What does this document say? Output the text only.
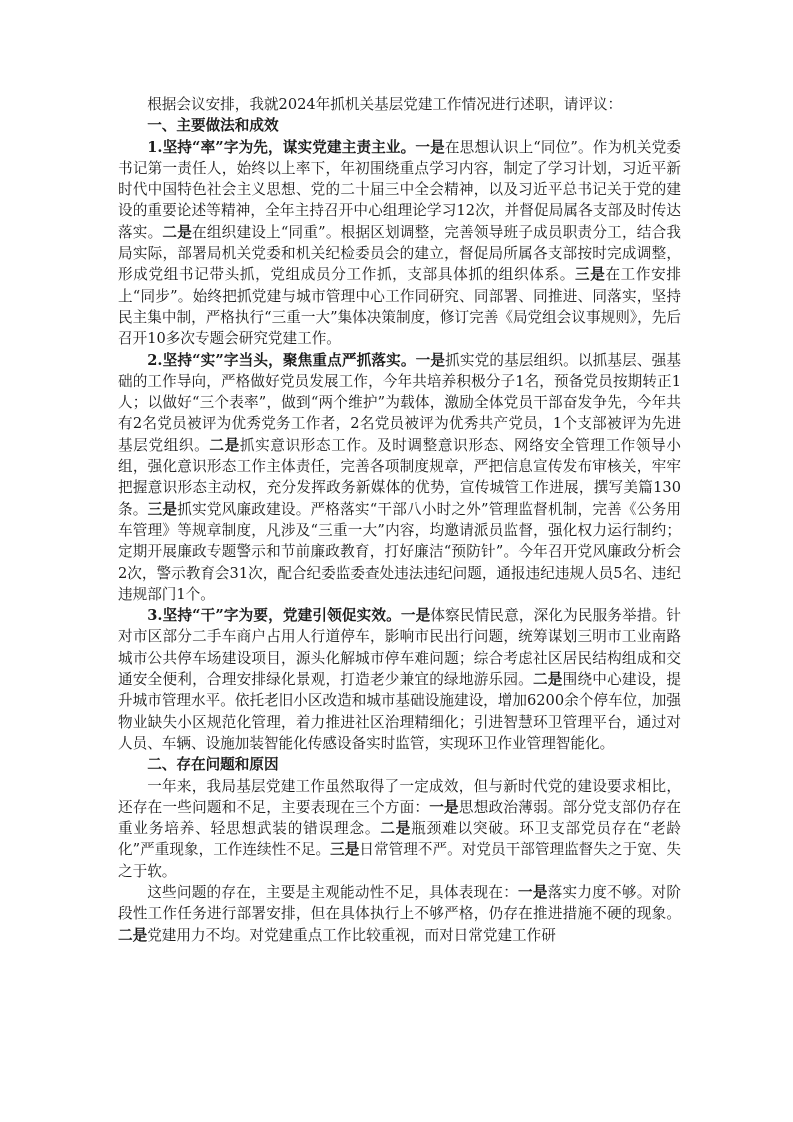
根据会议安排，我就2024年抓机关基层党建工作情况进行述职，请评议：

一、主要做法和成效

1.坚持“率”字为先，谋实党建主责主业。一是在思想认识上“同位”。作为机关党委书记第一责任人，始终以上率下，年初围绕重点学习内容，制定了学习计划，习近平新时代中国特色社会主义思想、党的二十届三中全会精神，以及习近平总书记关于党的建设的重要论述等精神，全年主持召开中心组理论学习12次，并督促局属各支部及时传达落实。二是在组织建设上“同重”。根据区划调整，完善领导班子成员职责分工，结合我局实际，部署局机关党委和机关纪检委员会的建立，督促局所属各支部按时完成调整，形成党组书记带头抓，党组成员分工作抓，支部具体抓的组织体系。三是在工作安排上“同步”。始终把抓党建与城市管理中心工作同研究、同部署、同推进、同落实，坚持民主集中制，严格执行“三重一大”集体决策制度，修订完善《局党组会议事规则》，先后召开10多次专题会研究党建工作。

2.坚持“实”字当头，聚焦重点严抓落实。一是抓实党的基层组织。以抓基层、强基础的工作导向，严格做好党员发展工作，今年共培养积极分子1名，预备党员按期转正1人；以做好“三个表率”，做到“两个维护”为载体，激励全体党员干部奋发争先，今年共有2名党员被评为优秀党务工作者，2名党员被评为优秀共产党员，1个支部被评为先进基层党组织。二是抓实意识形态工作。及时调整意识形态、网络安全管理工作领导小组，强化意识形态工作主体责任，完善各项制度规章，严把信息宣传发布审核关，牢牢把握意识形态主动权，充分发挥政务新媒体的优势，宣传城管工作进展，撰写美篇130条。三是抓实党风廉政建设。严格落实“干部八小时之外”管理监督机制，完善《公务用车管理》等规章制度，凡涉及“三重一大”内容，均邀请派员监督，强化权力运行制约；定期开展廉政专题警示和节前廉政教育，打好廉洁“预防针”。今年召开党风廉政分析会2次，警示教育会31次，配合纪委监委查处违法违纪问题，通报违纪违规人员5名、违纪违规部门1个。

3.坚持“干”字为要，党建引领促实效。一是体察民情民意，深化为民服务举措。针对市区部分二手车商户占用人行道停车，影响市民出行问题，统筹谋划三明市工业南路城市公共停车场建设项目，源头化解城市停车难问题；综合考虑社区居民结构组成和交通安全便利，合理安排绿化景观，打造老少兼宜的绿地游乐园。二是围绕中心建设，提升城市管理水平。依托老旧小区改造和城市基础设施建设，增加6200余个停车位，加强物业缺失小区规范化管理，着力推进社区治理精细化；引进智慧环卫管理平台，通过对人员、车辆、设施加装智能化传感设备实时监管，实现环卫作业管理智能化。

二、存在问题和原因

一年来，我局基层党建工作虽然取得了一定成效，但与新时代党的建设要求相比，还存在一些问题和不足，主要表现在三个方面：一是思想政治薄弱。部分党支部仍存在重业务培养、轻思想武装的错误理念。二是瓶颈难以突破。环卫支部党员存在“老龄化”严重现象，工作连续性不足。三是日常管理不严。对党员干部管理监督失之于宽、失之于软。

这些问题的存在，主要是主观能动性不足，具体表现在：一是落实力度不够。对阶段性工作任务进行部署安排，但在具体执行上不够严格，仍存在推进措施不硬的现象。二是党建用力不均。对党建重点工作比较重视，而对日常党建工作研
